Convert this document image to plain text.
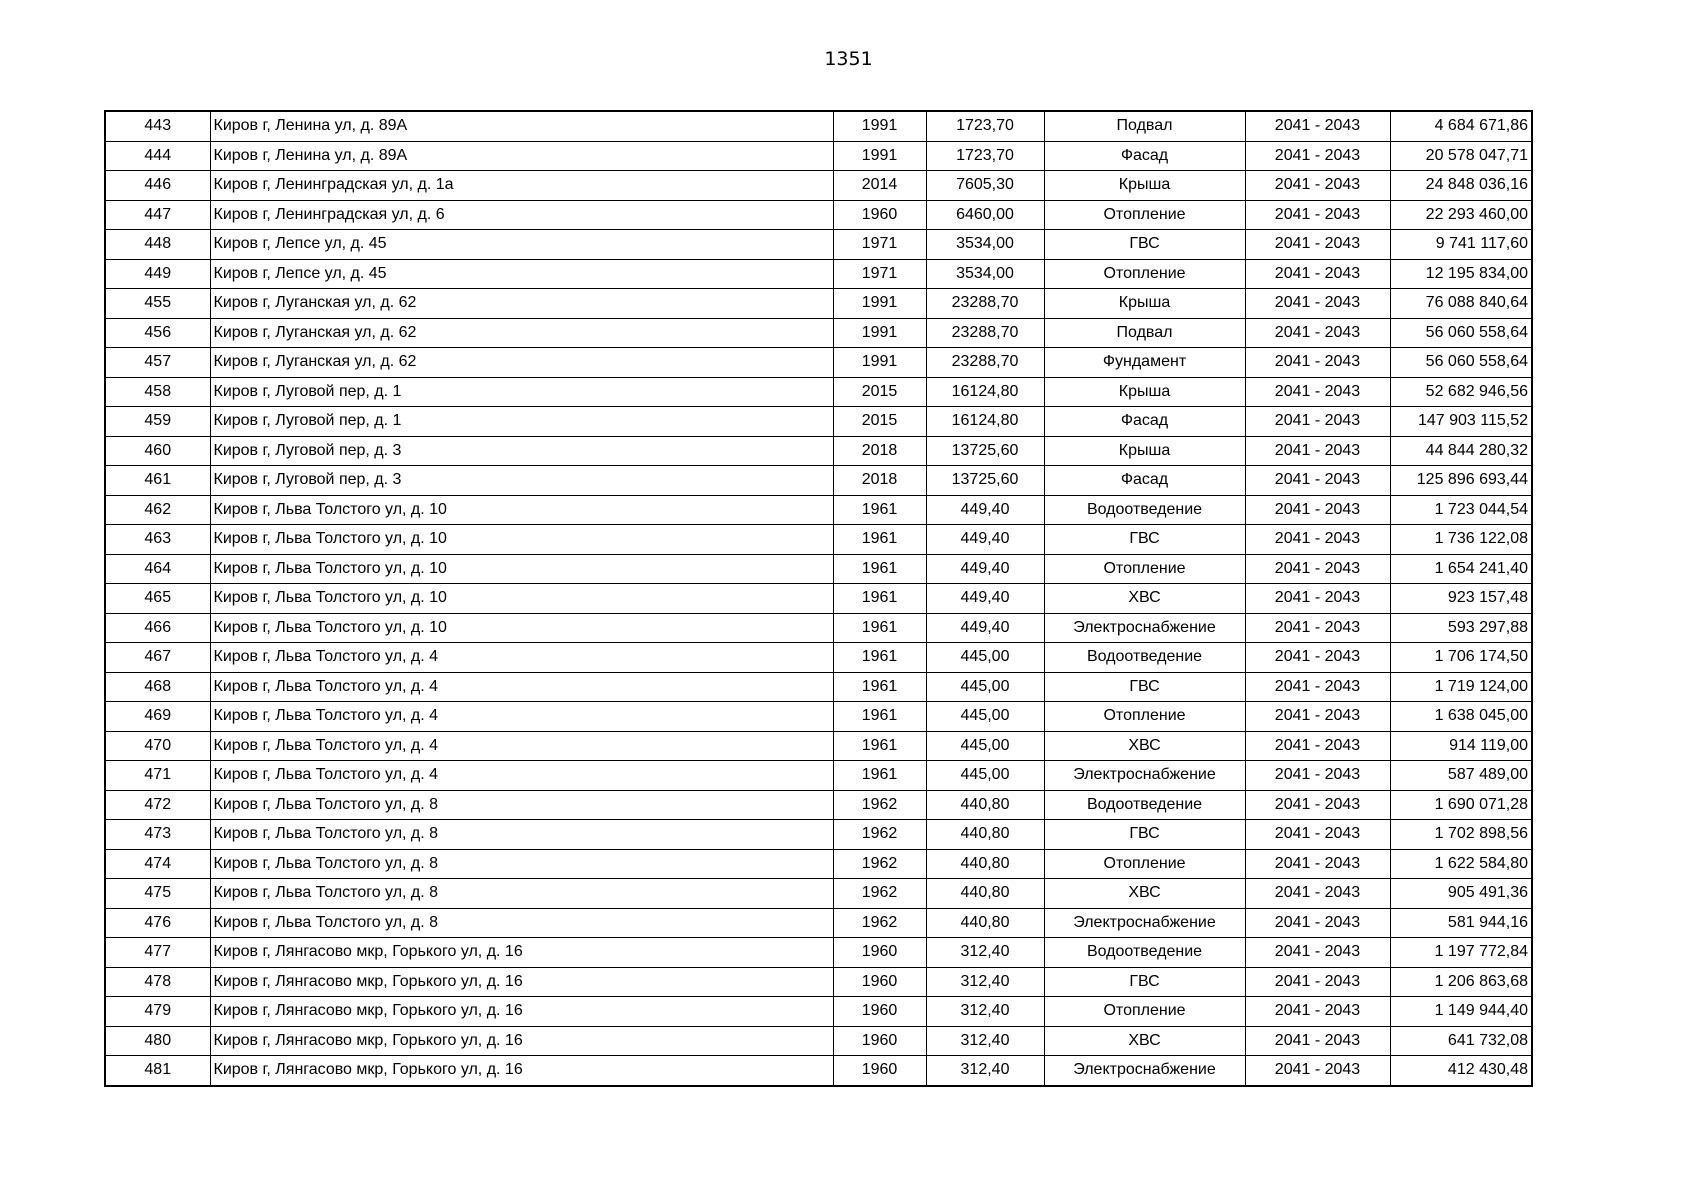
1351
443	Киров г, Ленина ул, д. 89А	1991	1723,70	Подвал	2041 - 2043	4 684 671,86
444	Киров г, Ленина ул, д. 89А	1991	1723,70	Фасад	2041 - 2043	20 578 047,71
446	Киров г, Ленинградская ул, д. 1а	2014	7605,30	Крыша	2041 - 2043	24 848 036,16
447	Киров г, Ленинградская ул, д. 6	1960	6460,00	Отопление	2041 - 2043	22 293 460,00
448	Киров г, Лепсе ул, д. 45	1971	3534,00	ГВС	2041 - 2043	9 741 117,60
449	Киров г, Лепсе ул, д. 45	1971	3534,00	Отопление	2041 - 2043	12 195 834,00
455	Киров г, Луганская ул, д. 62	1991	23288,70	Крыша	2041 - 2043	76 088 840,64
456	Киров г, Луганская ул, д. 62	1991	23288,70	Подвал	2041 - 2043	56 060 558,64
457	Киров г, Луганская ул, д. 62	1991	23288,70	Фундамент	2041 - 2043	56 060 558,64
458	Киров г, Луговой пер, д. 1	2015	16124,80	Крыша	2041 - 2043	52 682 946,56
459	Киров г, Луговой пер, д. 1	2015	16124,80	Фасад	2041 - 2043	147 903 115,52
460	Киров г, Луговой пер, д. 3	2018	13725,60	Крыша	2041 - 2043	44 844 280,32
461	Киров г, Луговой пер, д. 3	2018	13725,60	Фасад	2041 - 2043	125 896 693,44
462	Киров г, Льва Толстого ул, д. 10	1961	449,40	Водоотведение	2041 - 2043	1 723 044,54
463	Киров г, Льва Толстого ул, д. 10	1961	449,40	ГВС	2041 - 2043	1 736 122,08
464	Киров г, Льва Толстого ул, д. 10	1961	449,40	Отопление	2041 - 2043	1 654 241,40
465	Киров г, Льва Толстого ул, д. 10	1961	449,40	ХВС	2041 - 2043	923 157,48
466	Киров г, Льва Толстого ул, д. 10	1961	449,40	Электроснабжение	2041 - 2043	593 297,88
467	Киров г, Льва Толстого ул, д. 4	1961	445,00	Водоотведение	2041 - 2043	1 706 174,50
468	Киров г, Льва Толстого ул, д. 4	1961	445,00	ГВС	2041 - 2043	1 719 124,00
469	Киров г, Льва Толстого ул, д. 4	1961	445,00	Отопление	2041 - 2043	1 638 045,00
470	Киров г, Льва Толстого ул, д. 4	1961	445,00	ХВС	2041 - 2043	914 119,00
471	Киров г, Льва Толстого ул, д. 4	1961	445,00	Электроснабжение	2041 - 2043	587 489,00
472	Киров г, Льва Толстого ул, д. 8	1962	440,80	Водоотведение	2041 - 2043	1 690 071,28
473	Киров г, Льва Толстого ул, д. 8	1962	440,80	ГВС	2041 - 2043	1 702 898,56
474	Киров г, Льва Толстого ул, д. 8	1962	440,80	Отопление	2041 - 2043	1 622 584,80
475	Киров г, Льва Толстого ул, д. 8	1962	440,80	ХВС	2041 - 2043	905 491,36
476	Киров г, Льва Толстого ул, д. 8	1962	440,80	Электроснабжение	2041 - 2043	581 944,16
477	Киров г, Лянгасово мкр, Горького ул, д. 16	1960	312,40	Водоотведение	2041 - 2043	1 197 772,84
478	Киров г, Лянгасово мкр, Горького ул, д. 16	1960	312,40	ГВС	2041 - 2043	1 206 863,68
479	Киров г, Лянгасово мкр, Горького ул, д. 16	1960	312,40	Отопление	2041 - 2043	1 149 944,40
480	Киров г, Лянгасово мкр, Горького ул, д. 16	1960	312,40	ХВС	2041 - 2043	641 732,08
481	Киров г, Лянгасово мкр, Горького ул, д. 16	1960	312,40	Электроснабжение	2041 - 2043	412 430,48
